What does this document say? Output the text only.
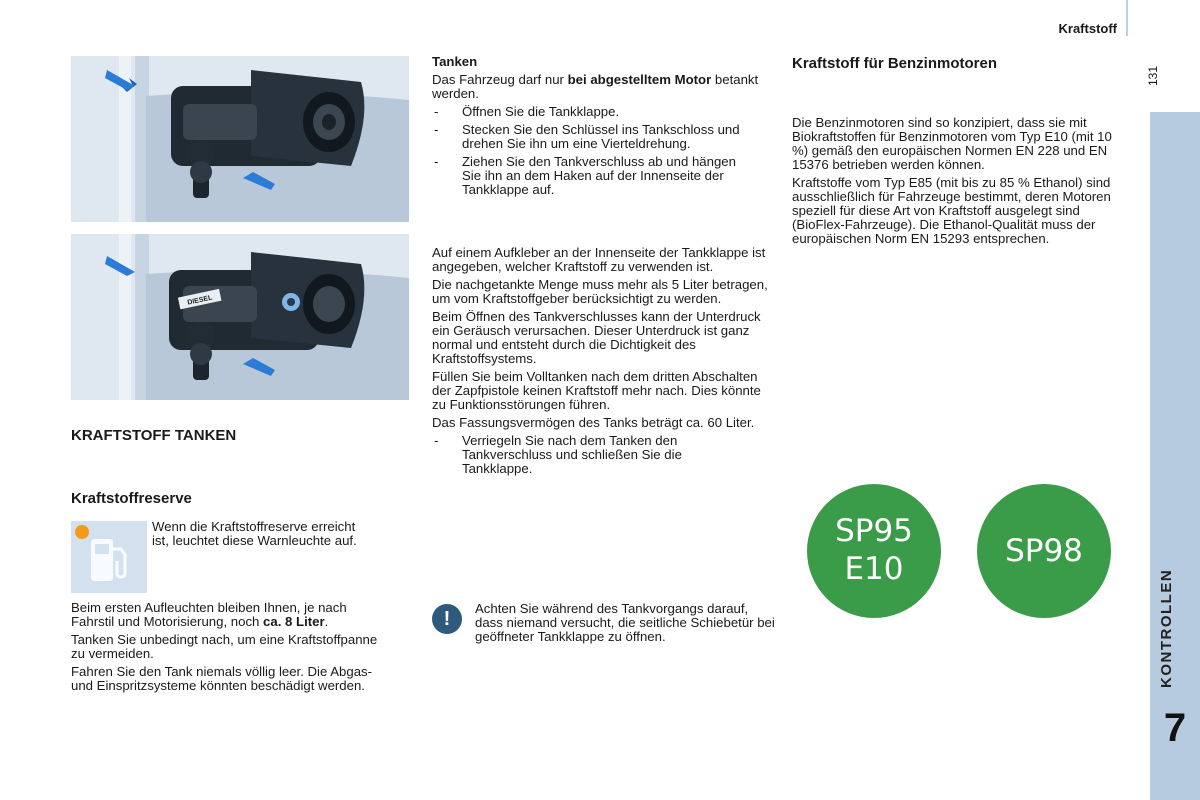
Kraftstoff
131
KONTROLLEN
7
DIESEL
KRAFTSTOFF TANKEN
Kraftstoffreserve

Wenn die Kraftstoffreserve erreicht ist, leuchtet diese Warnleuchte auf.

Beim ersten Aufleuchten bleiben Ihnen, je nach Fahrstil und Motorisierung, noch ca. 8 Liter.

Tanken Sie unbedingt nach, um eine Kraftstoffpanne zu vermeiden.

Fahren Sie den Tank niemals völlig leer. Die Abgas- und Einspritzsysteme könnten beschädigt werden.

Tanken

Das Fahrzeug darf nur bei abgestelltem Motor betankt werden.

- Öffnen Sie die Tankklappe.
- Stecken Sie den Schlüssel ins Tankschloss und drehen Sie ihn um eine Vierteldrehung.
- Ziehen Sie den Tankverschluss ab und hängen Sie ihn an dem Haken auf der Innenseite der Tankklappe auf.

Auf einem Aufkleber an der Innenseite der Tankklappe ist angegeben, welcher Kraftstoff zu verwenden ist.

Die nachgetankte Menge muss mehr als 5 Liter betragen, um vom Kraftstoffgeber berücksichtigt zu werden.

Beim Öffnen des Tankverschlusses kann der Unterdruck ein Geräusch verursachen. Dieser Unterdruck ist ganz normal und entsteht durch die Dichtigkeit des Kraftstoffsystems.

Füllen Sie beim Volltanken nach dem dritten Abschalten der Zapfpistole keinen Kraftstoff mehr nach. Dies könnte zu Funktionsstörungen führen.

Das Fassungsvermögen des Tanks beträgt ca. 60 Liter.

- Verriegeln Sie nach dem Tanken den Tankverschluss und schließen Sie die Tankklappe.
!	Achten Sie während des Tankvorgangs darauf, dass niemand versucht, die seitliche Schiebetür bei geöffneter Tankklappe zu öffnen.

Kraftstoff für Benzinmotoren

Die Benzinmotoren sind so konzipiert, dass sie mit Biokraftstoffen für Benzinmotoren vom Typ E10 (mit 10 %) gemäß den europäischen Normen EN 228 und EN 15376 betrieben werden können.

Kraftstoffe vom Typ E85 (mit bis zu 85 % Ethanol) sind ausschließlich für Fahrzeuge bestimmt, deren Motoren speziell für diese Art von Kraftstoff ausgelegt sind (BioFlex-Fahrzeuge). Die Ethanol-Qualität muss der europäischen Norm EN 15293 entsprechen.

SP95
E10	SP98
